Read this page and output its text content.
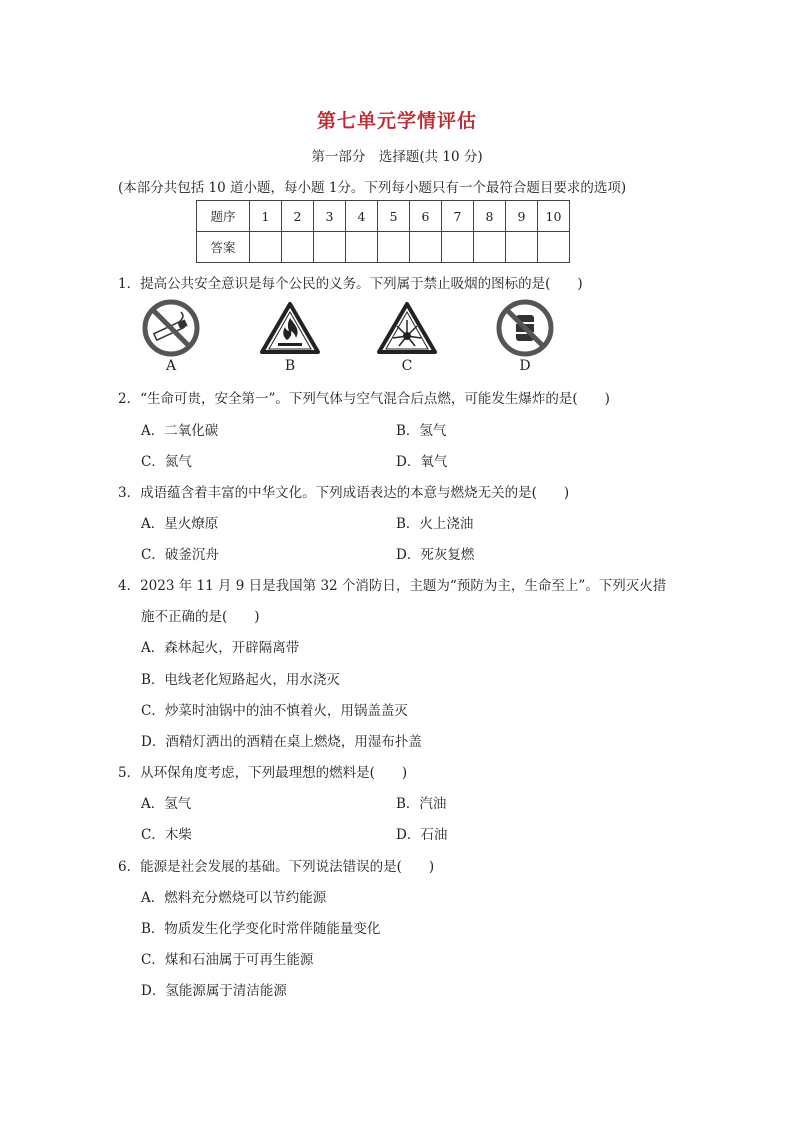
第七单元学情评估
第一部分　选择题(共 10 分)
(本部分共包括 10 道小题，每小题 1分。下列每小题只有一个最符合题目要求的选项)
题序	1	2	3	4	5	6	7	8	9	10
答案										
1．提高公共安全意识是每个公民的义务。下列属于禁止吸烟的图标的是(　　)
A	B	C	D
2．“生命可贵，安全第一”。下列气体与空气混合后点燃，可能发生爆炸的是(　　)
A．二氧化碳	B．氢气
C．氮气	D．氧气
3．成语蕴含着丰富的中华文化。下列成语表达的本意与燃烧无关的是(　　)
A．星火燎原	B．火上浇油
C．破釜沉舟	D．死灰复燃
4．2023 年 11 月 9 日是我国第 32 个消防日，主题为“预防为主，生命至上”。下列灭火措
施不正确的是(　　)
A．森林起火，开辟隔离带
B．电线老化短路起火，用水浇灭
C．炒菜时油锅中的油不慎着火，用锅盖盖灭
D．酒精灯洒出的酒精在桌上燃烧，用湿布扑盖
5．从环保角度考虑，下列最理想的燃料是(　　)
A．氢气	B．汽油
C．木柴	D．石油
6．能源是社会发展的基础。下列说法错误的是(　　)
A．燃料充分燃烧可以节约能源
B．物质发生化学变化时常伴随能量变化
C．煤和石油属于可再生能源
D．氢能源属于清洁能源
